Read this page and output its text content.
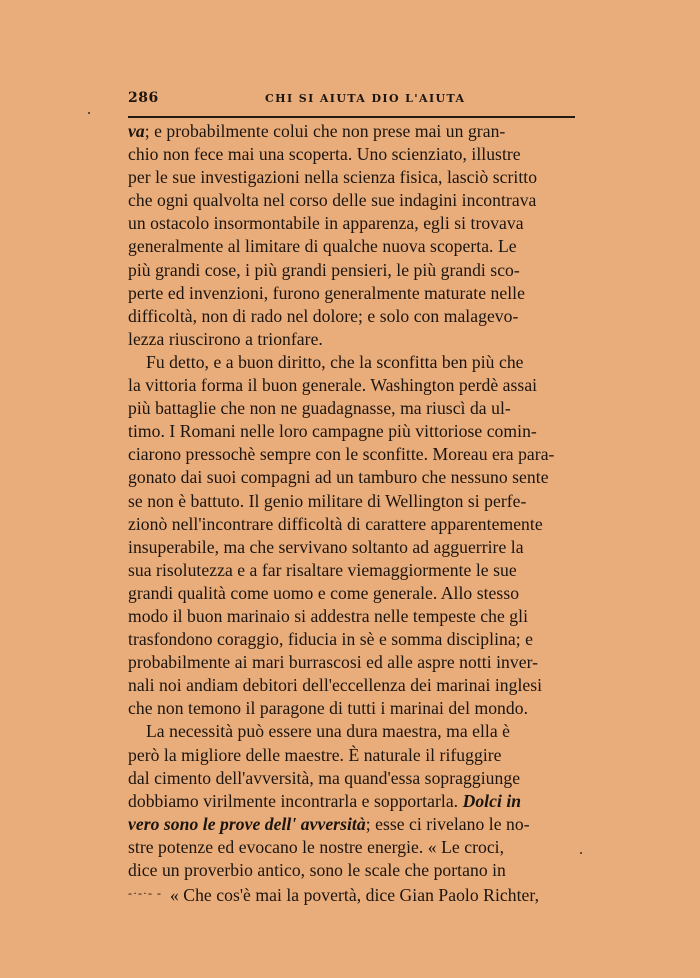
286	CHI SI AIUTA DIO L'AIUTA
va; e probabilmente colui che non prese mai un gran-
chio non fece mai una scoperta. Uno scienziato, illustre
per le sue investigazioni nella scienza fisica, lasciò scritto
che ogni qualvolta nel corso delle sue indagini incontrava
un ostacolo insormontabile in apparenza, egli si trovava
generalmente al limitare di qualche nuova scoperta. Le
più grandi cose, i più grandi pensieri, le più grandi sco-
perte ed invenzioni, furono generalmente maturate nelle
difficoltà, non di rado nel dolore; e solo con malagevo-
lezza riuscirono a trionfare.
Fu detto, e a buon diritto, che la sconfitta ben più che
la vittoria forma il buon generale. Washington perdè assai
più battaglie che non ne guadagnasse, ma riuscì da ul-
timo. I Romani nelle loro campagne più vittoriose comin-
ciarono pressochè sempre con le sconfitte. Moreau era para-
gonato dai suoi compagni ad un tamburo che nessuno sente
se non è battuto. Il genio militare di Wellington si perfe-
zionò nell'incontrare difficoltà di carattere apparentemente
insuperabile, ma che servivano soltanto ad agguerrire la
sua risolutezza e a far risaltare viemaggiormente le sue
grandi qualità come uomo e come generale. Allo stesso
modo il buon marinaio si addestra nelle tempeste che gli
trasfondono coraggio, fiducia in sè e somma disciplina; e
probabilmente ai mari burrascosi ed alle aspre notti inver-
nali noi andiam debitori dell'eccellenza dei marinai inglesi
che non temono il paragone di tutti i marinai del mondo.
La necessità può essere una dura maestra, ma ella è
però la migliore delle maestre. È naturale il rifuggire
dal cimento dell'avversità, ma quand'essa sopraggiunge
dobbiamo virilmente incontrarla e sopportarla. Dolci in
vero sono le prove dell' avversità; esse ci rivelano le no-
stre potenze ed evocano le nostre energie. « Le croci,
dice un proverbio antico, sono le scale che portano in
-·-·- - « Che cos'è mai la povertà, dice Gian Paolo Richter,
